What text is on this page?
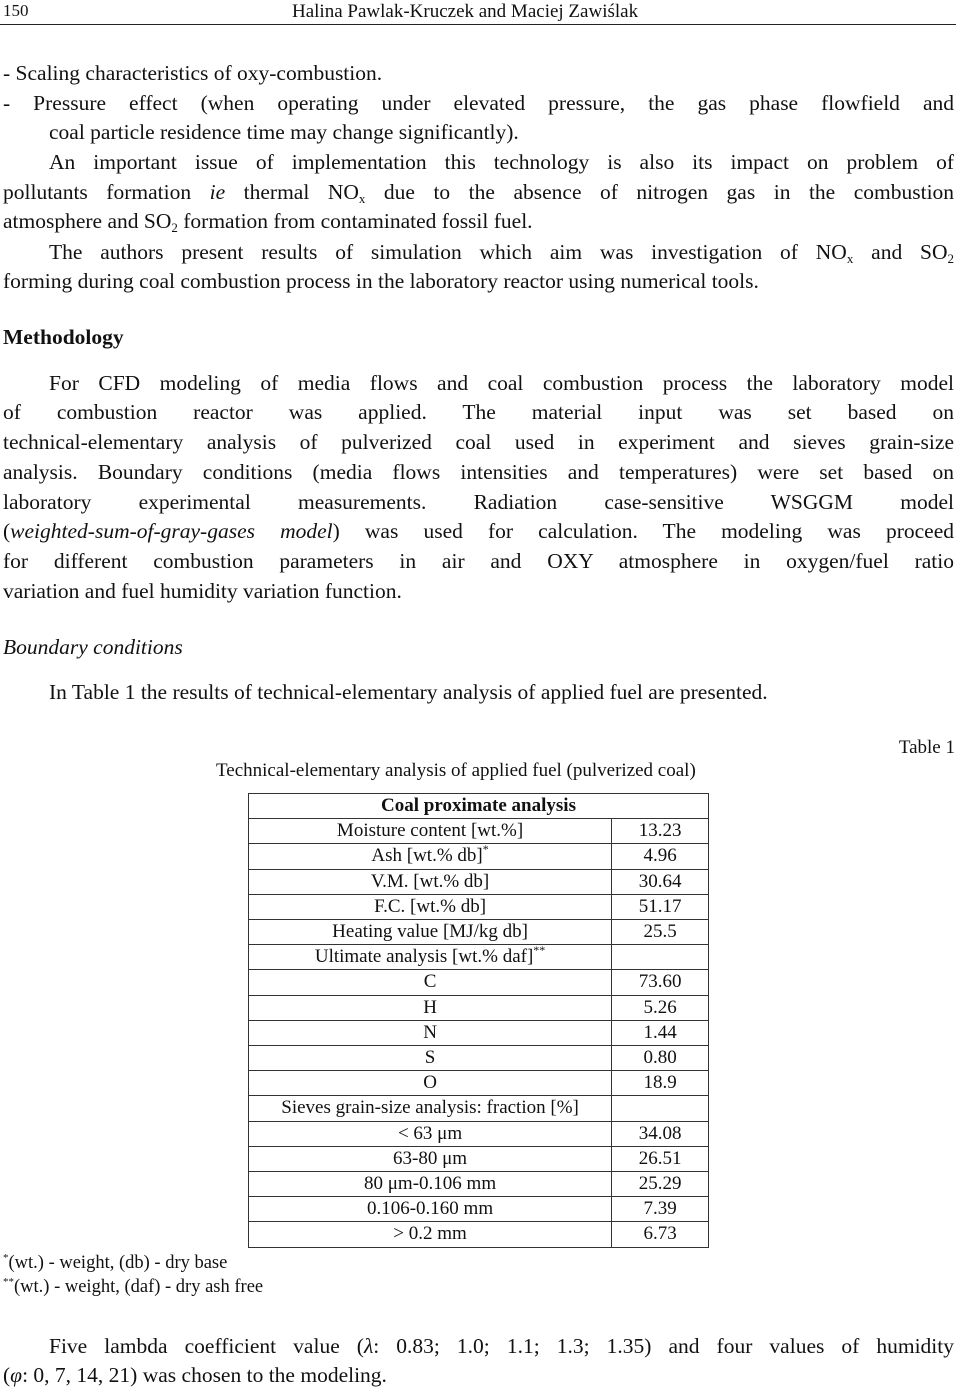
150	Halina Pawlak-Kruczek and Maciej Zawiślak
- Scaling characteristics of oxy-combustion.
- Pressure effect (when operating under elevated pressure, the gas phase flowfield and
coal particle residence time may change significantly).
An important issue of implementation this technology is also its impact on problem of
pollutants formation ie thermal $NO_x$ due to the absence of nitrogen gas in the combustion
atmosphere and $SO_2$ formation from contaminated fossil fuel.
The authors present results of simulation which aim was investigation of $NO_x$ and $SO_2$
forming during coal combustion process in the laboratory reactor using numerical tools.
Methodology
For CFD modeling of media flows and coal combustion process the laboratory model
of combustion reactor was applied. The material input was set based on
technical-elementary analysis of pulverized coal used in experiment and sieves grain-size
analysis. Boundary conditions (media flows intensities and temperatures) were set based on
laboratory experimental measurements. Radiation case-sensitive WSGGM model
(weighted-sum-of-gray-gases model) was used for calculation. The modeling was proceed
for different combustion parameters in air and OXY atmosphere in oxygen/fuel ratio
variation and fuel humidity variation function.
Boundary conditions
In Table 1 the results of technical-elementary analysis of applied fuel are presented.
Table 1
Technical-elementary analysis of applied fuel (pulverized coal)
Coal proximate analysis	
Moisture content [wt.%]	13.23
Ash [wt.% db]*	4.96
V.M. [wt.% db]	30.64
F.C. [wt.% db]	51.17
Heating value [MJ/kg db]	25.5
Ultimate analysis [wt.% daf]**	
C	73.60
H	5.26
N	1.44
S	0.80
O	18.9
Sieves grain-size analysis: fraction [%]	
< 63 μm	34.08
63-80 μm	26.51
80 μm-0.106 mm	25.29
0.106-0.160 mm	7.39
> 0.2 mm	6.73
*(wt.) - weight, (db) - dry base
**(wt.) - weight, (daf) - dry ash free
Five lambda coefficient value (λ: 0.83; 1.0; 1.1; 1.3; 1.35) and four values of humidity
(φ: 0, 7, 14, 21) was chosen to the modeling.
